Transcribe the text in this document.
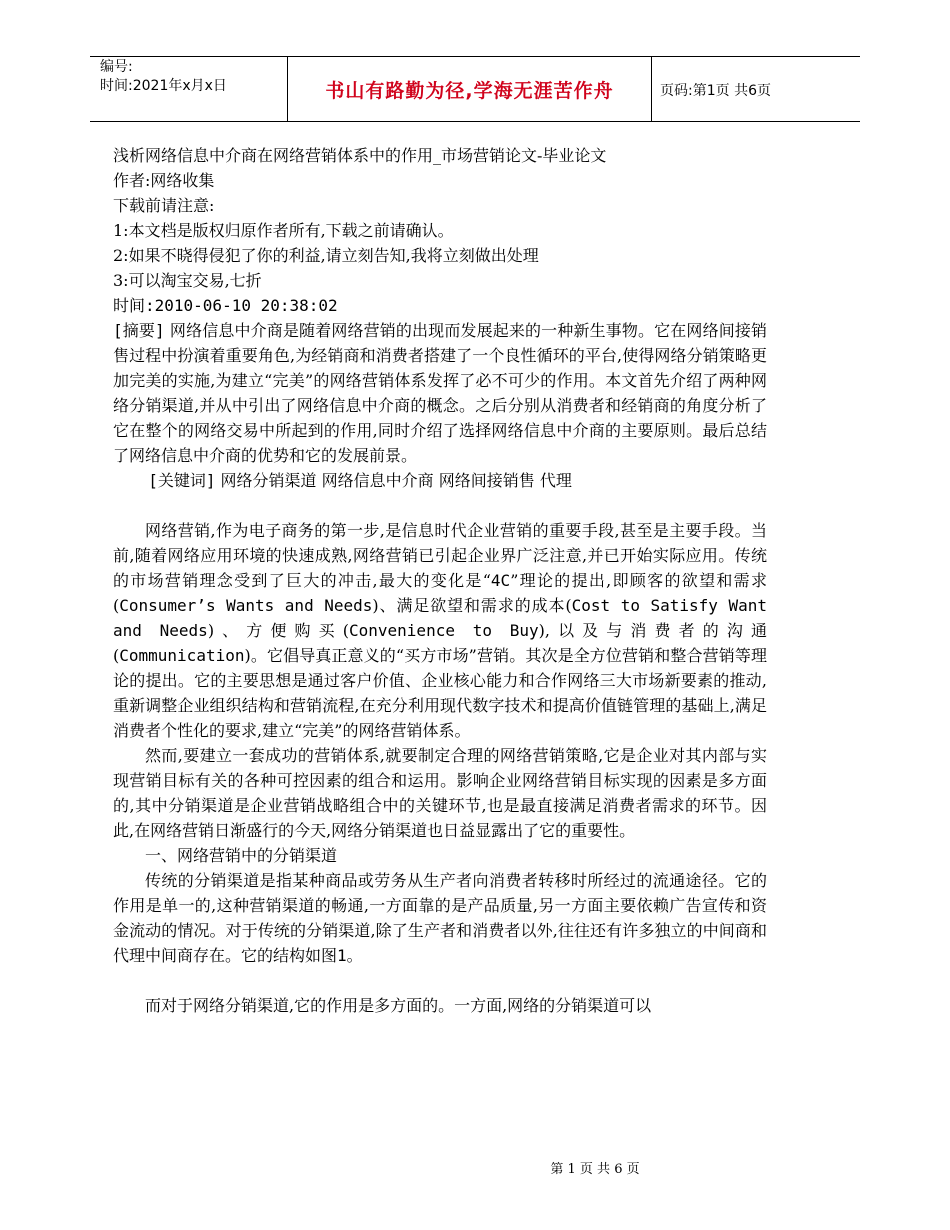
编号:
时间:2021年x月x日	书山有路勤为径,学海无涯苦作舟	页码:第1页 共6页

浅析网络信息中介商在网络营销体系中的作用_市场营销论文-毕业论文

作者:网络收集

下载前请注意:

1:本文档是版权归原作者所有,下载之前请确认。

2:如果不晓得侵犯了你的利益,请立刻告知,我将立刻做出处理

3:可以淘宝交易,七折

时间:2010-06-10 20:38:02

[摘要] 网络信息中介商是随着网络营销的出现而发展起来的一种新生事物。它在网络间接销售过程中扮演着重要角色,为经销商和消费者搭建了一个良性循环的平台,使得网络分销策略更加完美的实施,为建立“完美”的网络营销体系发挥了必不可少的作用。本文首先介绍了两种网络分销渠道,并从中引出了网络信息中介商的概念。之后分别从消费者和经销商的角度分析了它在整个的网络交易中所起到的作用,同时介绍了选择网络信息中介商的主要原则。最后总结了网络信息中介商的优势和它的发展前景。

[关键词] 网络分销渠道 网络信息中介商 网络间接销售 代理

网络营销,作为电子商务的第一步,是信息时代企业营销的重要手段,甚至是主要手段。当前,随着网络应用环境的快速成熟,网络营销已引起企业界广泛注意,并已开始实际应用。传统的市场营销理念受到了巨大的冲击,最大的变化是“4C”理论的提出,即顾客的欲望和需求(Consumer’s Wants and Needs)、满足欲望和需求的成本(Cost to Satisfy Want and Needs)、方便购买(Convenience to Buy),以及与消费者的沟通(Communication)。它倡导真正意义的“买方市场”营销。其次是全方位营销和整合营销等理论的提出。它的主要思想是通过客户价值、企业核心能力和合作网络三大市场新要素的推动,重新调整企业组织结构和营销流程,在充分利用现代数字技术和提高价值链管理的基础上,满足消费者个性化的要求,建立“完美”的网络营销体系。

然而,要建立一套成功的营销体系,就要制定合理的网络营销策略,它是企业对其内部与实现营销目标有关的各种可控因素的组合和运用。影响企业网络营销目标实现的因素是多方面的,其中分销渠道是企业营销战略组合中的关键环节,也是最直接满足消费者需求的环节。因此,在网络营销日渐盛行的今天,网络分销渠道也日益显露出了它的重要性。

一、网络营销中的分销渠道

传统的分销渠道是指某种商品或劳务从生产者向消费者转移时所经过的流通途径。它的作用是单一的,这种营销渠道的畅通,一方面靠的是产品质量,另一方面主要依赖广告宣传和资金流动的情况。对于传统的分销渠道,除了生产者和消费者以外,往往还有许多独立的中间商和代理中间商存在。它的结构如图1。

而对于网络分销渠道,它的作用是多方面的。一方面,网络的分销渠道可以

第 1 页 共 6 页
